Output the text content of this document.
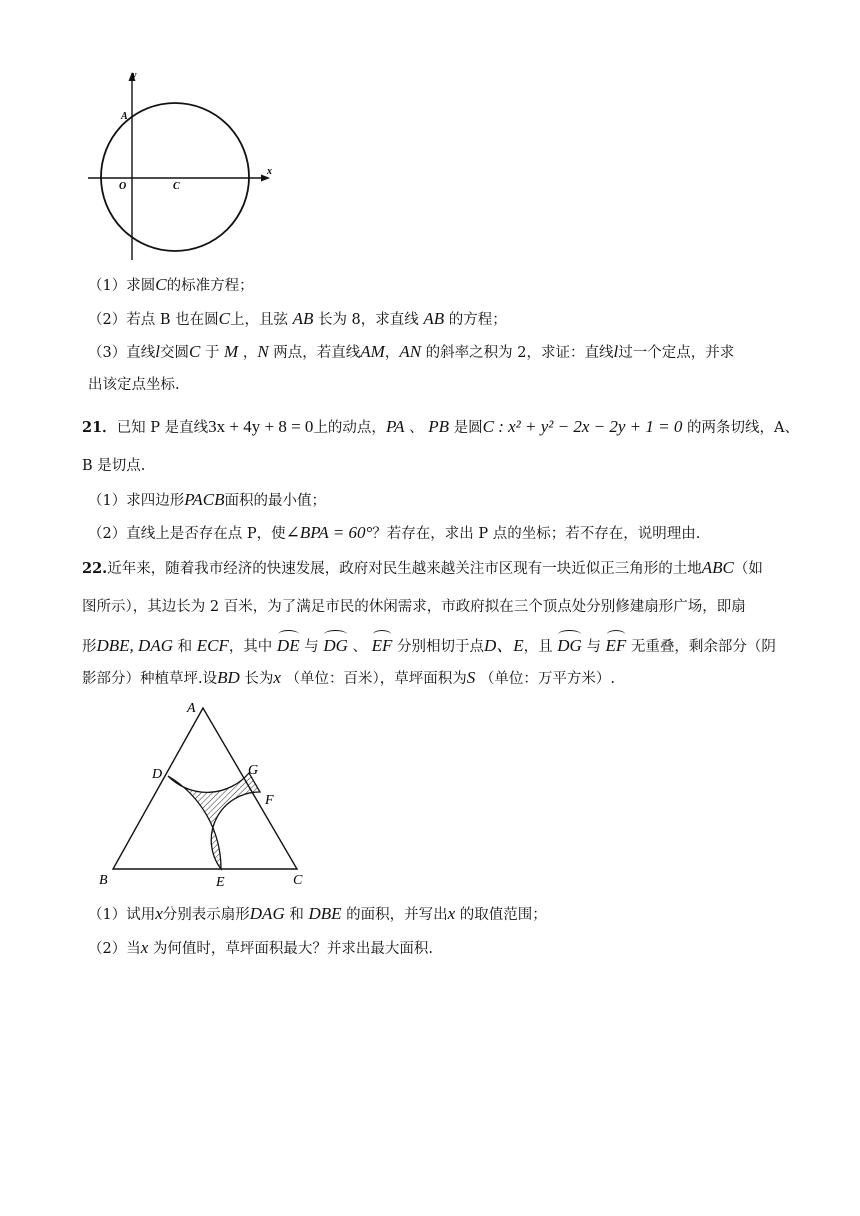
y
x
A
O	C
（1）求圆C的标准方程；
（2）若点 B 也在圆C上，且弦 AB 长为 8，求直线 AB 的方程；
（3）直线l交圆C 于 M ，N 两点，若直线AM，AN 的斜率之积为 2，求证：直线l过一个定点，并求
出该定点坐标.
21．已知 P 是直线3x + 4y + 8 = 0上的动点，PA 、 PB 是圆C : x² + y² − 2x − 2y + 1 = 0 的两条切线，A、
B 是切点.
（1）求四边形PACB面积的最小值；
（2）直线上是否存在点 P，使∠BPA = 60°？若存在，求出 P 点的坐标；若不存在，说明理由.
22.近年来，随着我市经济的快速发展，政府对民生越来越关注市区现有一块近似正三角形的土地ABC（如
图所示），其边长为 2 百米，为了满足市民的休闲需求，市政府拟在三个顶点处分别修建扇形广场，即扇
形DBE, DAG 和 ECF，其中 DE 与 DG 、 EF 分别相切于点D、E，且 DG 与 EF 无重叠，剩余部分（阴
影部分）种植草坪.设BD 长为x （单位：百米），草坪面积为S （单位：万平方米）.
A
B	C
D
E
F
G
（1）试用x分别表示扇形DAG 和 DBE 的面积，并写出x 的取值范围；
（2）当x 为何值时，草坪面积最大？并求出最大面积.
